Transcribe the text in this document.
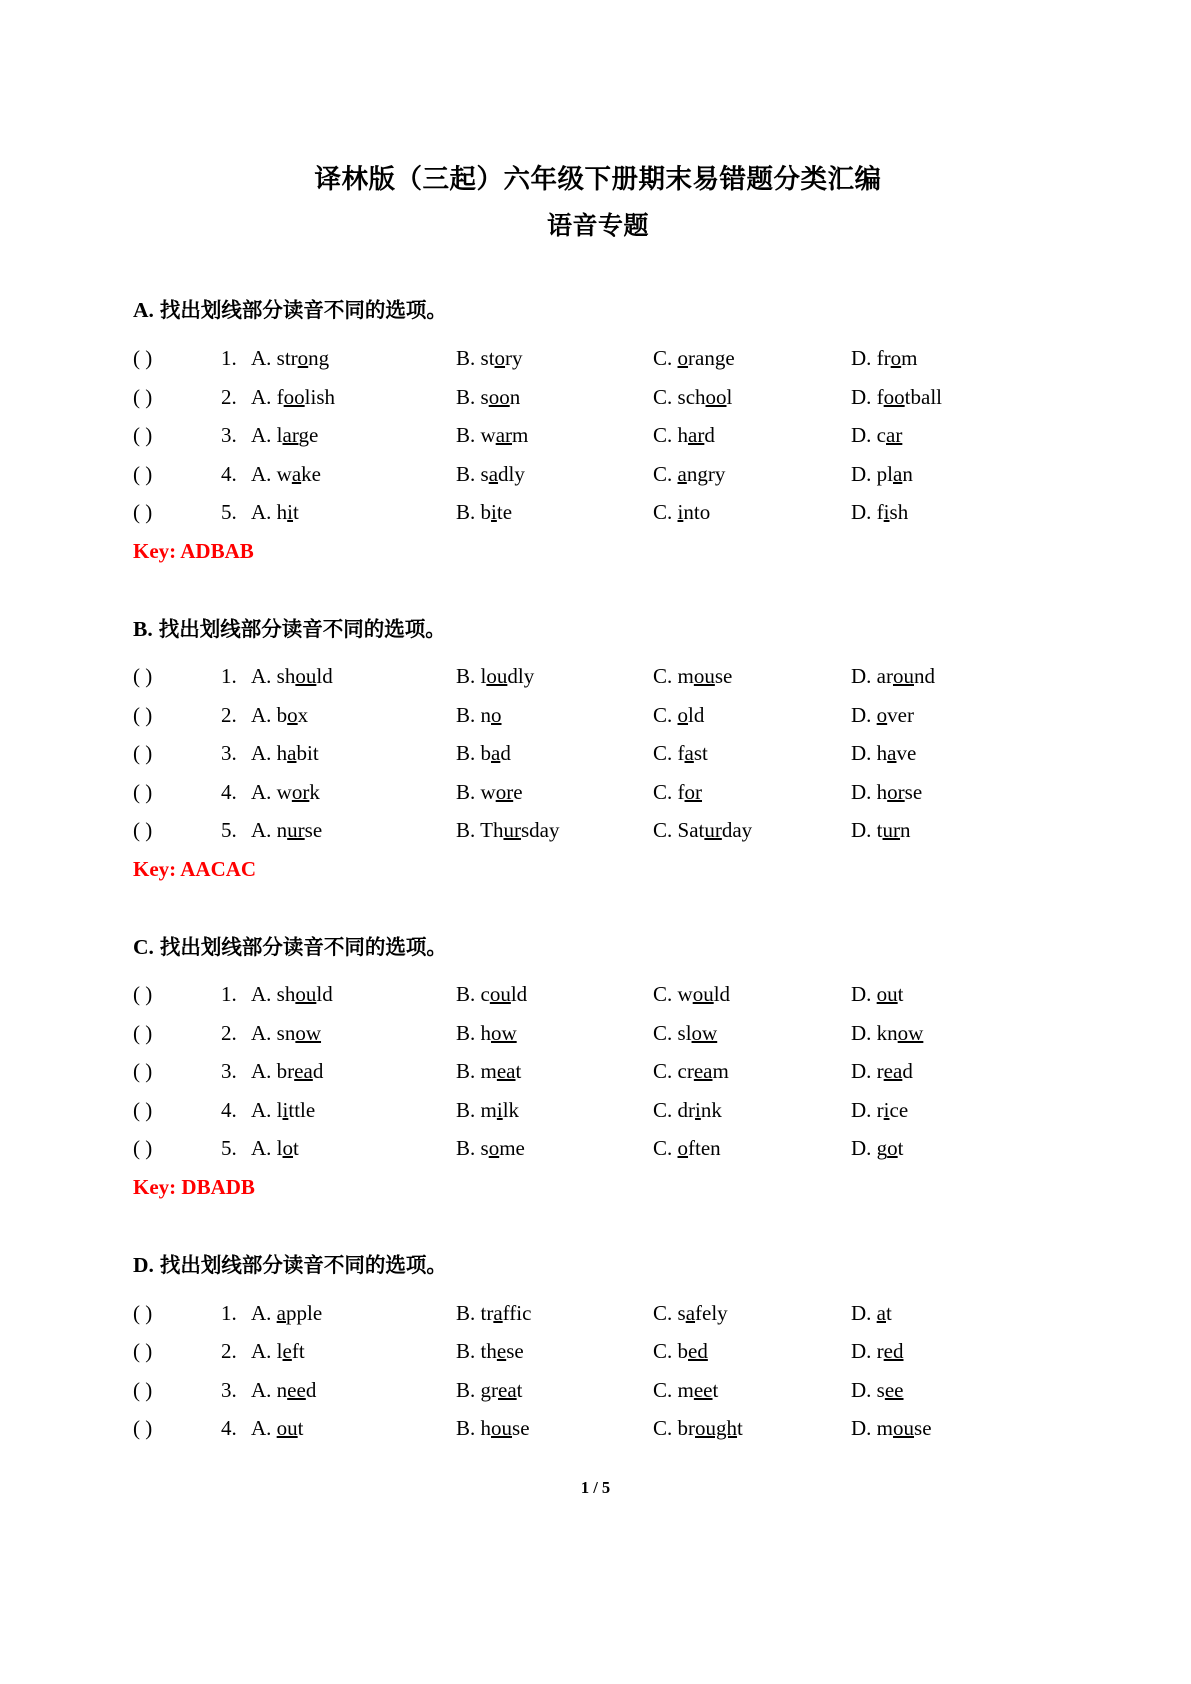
译林版（三起）六年级下册期末易错题分类汇编
语音专题
A. 找出划线部分读音不同的选项。
( )	1. A. strong	B. story	C. orange	D. from
( )	2. A. foolish	B. soon	C. school	D. football
( )	3. A. large	B. warm	C. hard	D. car
( )	4. A. wake	B. sadly	C. angry	D. plan
( )	5. A. hit	B. bite	C. into	D. fish
Key: ADBAB
B. 找出划线部分读音不同的选项。
( )	1. A. should	B. loudly	C. mouse	D. around
( )	2. A. box	B. no	C. old	D. over
( )	3. A. habit	B. bad	C. fast	D. have
( )	4. A. work	B. wore	C. for	D. horse
( )	5. A. nurse	B. Thursday	C. Saturday	D. turn
Key: AACAC
C. 找出划线部分读音不同的选项。
( )	1. A. should	B. could	C. would	D. out
( )	2. A. snow	B. how	C. slow	D. know
( )	3. A. bread	B. meat	C. cream	D. read
( )	4. A. little	B. milk	C. drink	D. rice
( )	5. A. lot	B. some	C. often	D. got
Key: DBADB
D. 找出划线部分读音不同的选项。
( )	1. A. apple	B. traffic	C. safely	D. at
( )	2. A. left	B. these	C. bed	D. red
( )	3. A. need	B. great	C. meet	D. see
( )	4. A. out	B. house	C. brought	D. mouse
1 / 5
